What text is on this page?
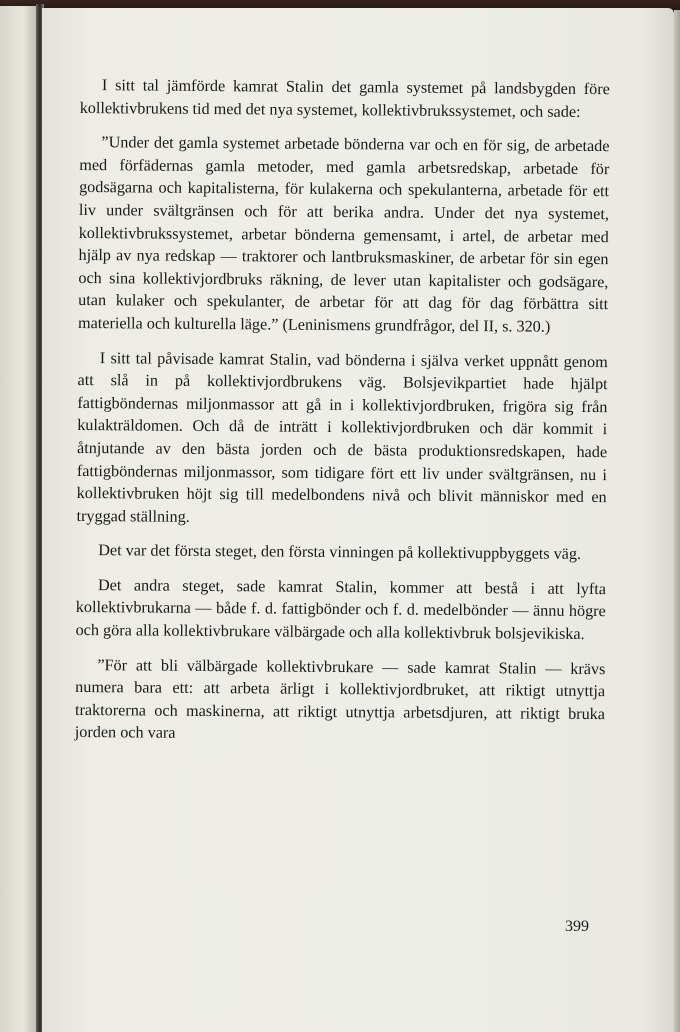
I sitt tal jämförde kamrat Stalin det gamla systemet på landsbygden före kollektivbrukens tid med det nya systemet, kollektivbrukssystemet, och sade:

”Under det gamla systemet arbetade bönderna var och en för sig, de arbetade med förfädernas gamla metoder, med gamla arbetsredskap, arbetade för godsägarna och kapitalisterna, för kulakerna och spekulanterna, arbetade för ett liv under svältgränsen och för att berika andra. Under det nya systemet, kollektivbrukssystemet, arbetar bönderna gemensamt, i artel, de arbetar med hjälp av nya redskap — traktorer och lantbruksmaskiner, de arbetar för sin egen och sina kollektivjordbruks räkning, de lever utan kapitalister och godsägare, utan kulaker och spekulanter, de arbetar för att dag för dag förbättra sitt materiella och kulturella läge.” (Leninismens grundfrågor, del II, s. 320.)

I sitt tal påvisade kamrat Stalin, vad bönderna i själva verket uppnått genom att slå in på kollektivjordbrukens väg. Bolsjevikpartiet hade hjälpt fattigböndernas miljonmassor att gå in i kollektivjordbruken, frigöra sig från kulakträldomen. Och då de inträtt i kollektivjordbruken och där kommit i åtnjutande av den bästa jorden och de bästa produktionsredskapen, hade fattigböndernas miljonmassor, som tidigare fört ett liv under svältgränsen, nu i kollektivbruken höjt sig till medelbondens nivå och blivit människor med en tryggad ställning.

Det var det första steget, den första vinningen på kollektivuppbyggets väg.

Det andra steget, sade kamrat Stalin, kommer att bestå i att lyfta kollektivbrukarna — både f. d. fattigbönder och f. d. medelbönder — ännu högre och göra alla kollektivbrukare välbärgade och alla kollektivbruk bolsjevikiska.

”För att bli välbärgade kollektivbrukare — sade kamrat Stalin — krävs numera bara ett: att arbeta ärligt i kollektivjordbruket, att riktigt utnyttja traktorerna och maskinerna, att riktigt utnyttja arbetsdjuren, att riktigt bruka jorden och vara

399
